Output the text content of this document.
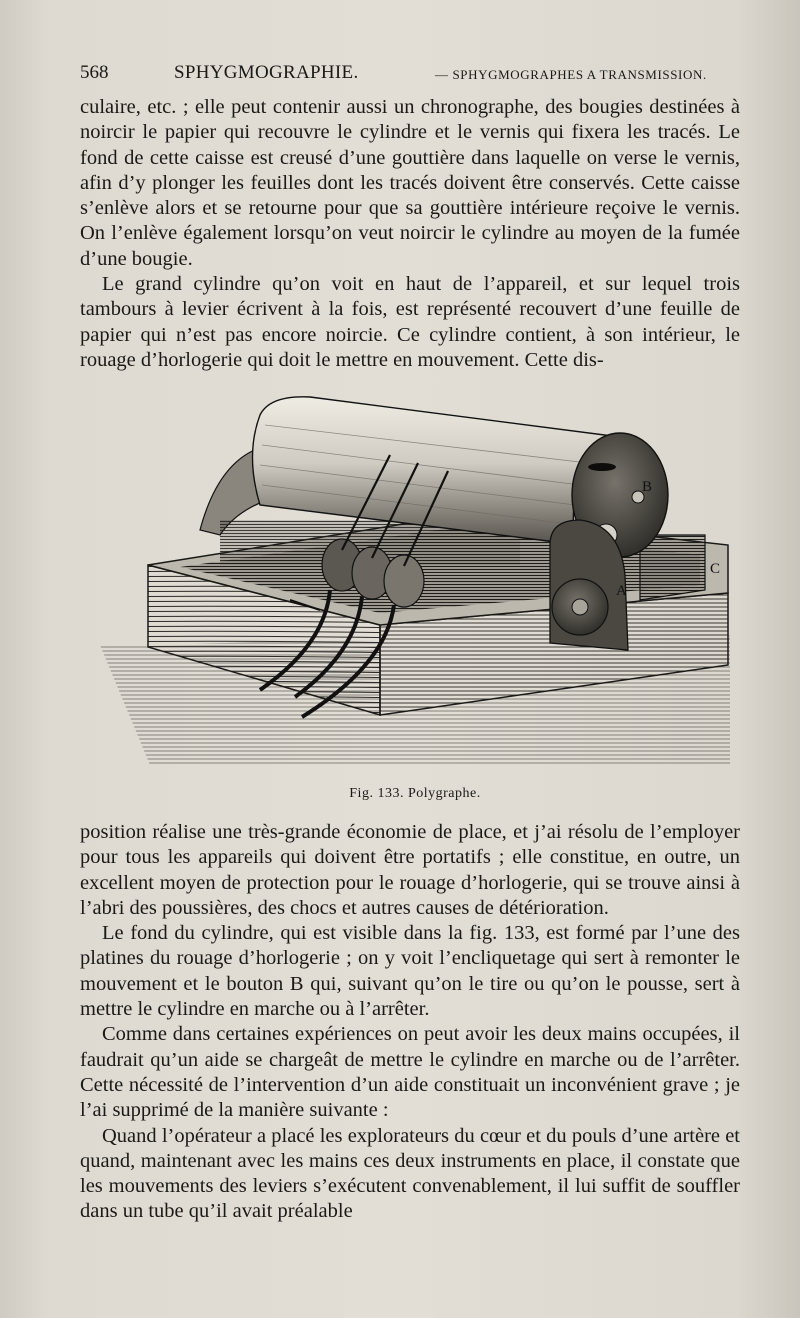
568	SPHYGMOGRAPHIE.	— SPHYGMOGRAPHES A TRANSMISSION.

culaire, etc. ; elle peut contenir aussi un chronographe, des bougies destinées à noircir le papier qui recouvre le cylindre et le vernis qui fixera les tracés. Le fond de cette caisse est creusé d’une gouttière dans laquelle on verse le vernis, afin d’y plonger les feuilles dont les tracés doivent être conservés. Cette caisse s’enlève alors et se retourne pour que sa gouttière intérieure reçoive le vernis. On l’enlève également lorsqu’on veut noircir le cylindre au moyen de la fumée d’une bougie.

Le grand cylindre qu’on voit en haut de l’appareil, et sur lequel trois tambours à levier écrivent à la fois, est représenté recouvert d’une feuille de papier qui n’est pas encore noircie. Ce cylindre contient, à son intérieur, le rouage d’horlogerie qui doit le mettre en mouvement. Cette dis-

A
B
C
Fig. 133. Polygraphe.

position réalise une très-grande économie de place, et j’ai résolu de l’employer pour tous les appareils qui doivent être portatifs ; elle constitue, en outre, un excellent moyen de protection pour le rouage d’horlogerie, qui se trouve ainsi à l’abri des poussières, des chocs et autres causes de détérioration.

Le fond du cylindre, qui est visible dans la fig. 133, est formé par l’une des platines du rouage d’horlogerie ; on y voit l’encliquetage qui sert à remonter le mouvement et le bouton B qui, suivant qu’on le tire ou qu’on le pousse, sert à mettre le cylindre en marche ou à l’arrêter.

Comme dans certaines expériences on peut avoir les deux mains occupées, il faudrait qu’un aide se chargeât de mettre le cylindre en marche ou de l’arrêter. Cette nécessité de l’intervention d’un aide constituait un inconvénient grave ; je l’ai supprimé de la manière suivante :

Quand l’opérateur a placé les explorateurs du cœur et du pouls d’une artère et quand, maintenant avec les mains ces deux instruments en place, il constate que les mouvements des leviers s’exécutent convenablement, il lui suffit de souffler dans un tube qu’il avait préalable
